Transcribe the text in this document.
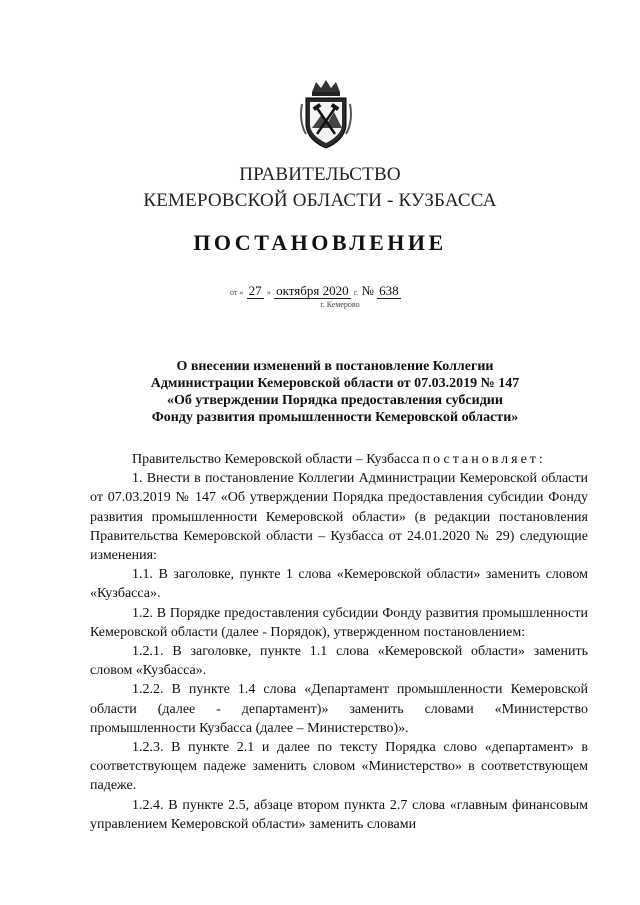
ПРАВИТЕЛЬСТВО
КЕМЕРОВСКОЙ ОБЛАСТИ - КУЗБАССА
ПОСТАНОВЛЕНИЕ
от « 27 » октября 2020 г. № 638
г. Кемерово
О внесении изменений в постановление Коллегии Администрации Кемеровской области от 07.03.2019 № 147 «Об утверждении Порядка предоставления субсидии Фонду развития промышленности Кемеровской области»

Правительство Кемеровской области – Кузбасса постановляет:

1. Внести в постановление Коллегии Администрации Кемеровской области от 07.03.2019 № 147 «Об утверждении Порядка предоставления субсидии Фонду развития промышленности Кемеровской области» (в редакции постановления Правительства Кемеровской области – Кузбасса от 24.01.2020 № 29) следующие изменения:

1.1. В заголовке, пункте 1 слова «Кемеровской области» заменить словом «Кузбасса».

1.2. В Порядке предоставления субсидии Фонду развития промышленности Кемеровской области (далее - Порядок), утвержденном постановлением:

1.2.1. В заголовке, пункте 1.1 слова «Кемеровской области» заменить словом «Кузбасса».

1.2.2. В пункте 1.4 слова «Департамент промышленности Кемеровской области (далее - департамент)» заменить словами «Министерство промышленности Кузбасса (далее – Министерство)».

1.2.3. В пункте 2.1 и далее по тексту Порядка слово «департамент» в соответствующем падеже заменить словом «Министерство» в соответствующем падеже.

1.2.4. В пункте 2.5, абзаце втором пункта 2.7 слова «главным финансовым управлением Кемеровской области» заменить словами
